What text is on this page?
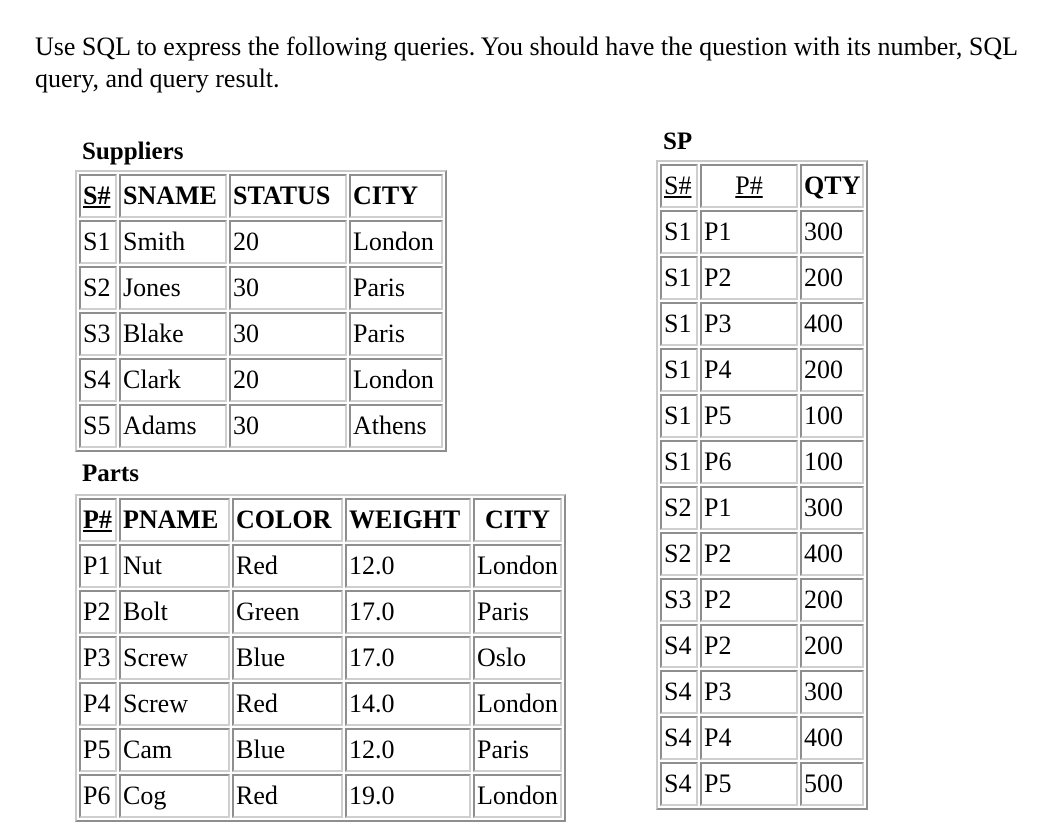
Use SQL to express the following queries. You should have the question with its number, SQL query, and query result.

Suppliers
S#	SNAME	STATUS	CITY
S1	Smith	20	London
S2	Jones	30	Paris
S3	Blake	30	Paris
S4	Clark	20	London
S5	Adams	30	Athens
Parts
P#	PNAME	COLOR	WEIGHT	CITY
P1	Nut	Red	12.0	London
P2	Bolt	Green	17.0	Paris
P3	Screw	Blue	17.0	Oslo
P4	Screw	Red	14.0	London
P5	Cam	Blue	12.0	Paris
P6	Cog	Red	19.0	London
SP
S#	P#	QTY
S1	P1	300
S1	P2	200
S1	P3	400
S1	P4	200
S1	P5	100
S1	P6	100
S2	P1	300
S2	P2	400
S3	P2	200
S4	P2	200
S4	P3	300
S4	P4	400
S4	P5	500
